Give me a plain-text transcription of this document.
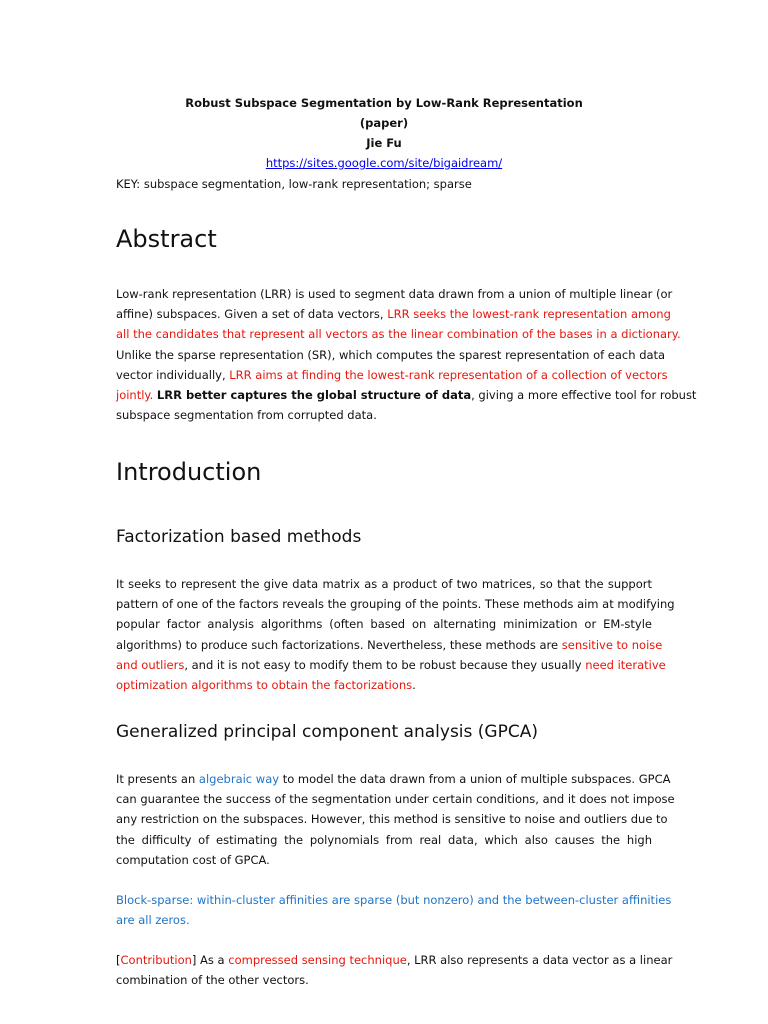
Robust Subspace Segmentation by Low-Rank Representation
(paper)
Jie Fu
https://sites.google.com/site/bigaidream/
KEY: subspace segmentation, low-rank representation; sparse
Abstract
Low-rank representation (LRR) is used to segment data drawn from a union of multiple linear (or
affine) subspaces. Given a set of data vectors, LRR seeks the lowest-rank representation among
all the candidates that represent all vectors as the linear combination of the bases in a dictionary.
Unlike the sparse representation (SR), which computes the sparest representation of each data
vector individually, LRR aims at finding the lowest-rank representation of a collection of vectors
jointly. LRR better captures the global structure of data, giving a more effective tool for robust
subspace segmentation from corrupted data.
Introduction
Factorization based methods
It seeks to represent the give data matrix as a product of two matrices, so that the support
pattern of one of the factors reveals the grouping of the points. These methods aim at modifying
popular factor analysis algorithms (often based on alternating minimization or EM-style
algorithms) to produce such factorizations. Nevertheless, these methods are sensitive to noise
and outliers, and it is not easy to modify them to be robust because they usually need iterative
optimization algorithms to obtain the factorizations.
Generalized principal component analysis (GPCA)
It presents an algebraic way to model the data drawn from a union of multiple subspaces. GPCA
can guarantee the success of the segmentation under certain conditions, and it does not impose
any restriction on the subspaces. However, this method is sensitive to noise and outliers due to
the difficulty of estimating the polynomials from real data, which also causes the high
computation cost of GPCA.
Block-sparse: within-cluster affinities are sparse (but nonzero) and the between-cluster affinities
are all zeros.
[Contribution] As a compressed sensing technique, LRR also represents a data vector as a linear
combination of the other vectors.
